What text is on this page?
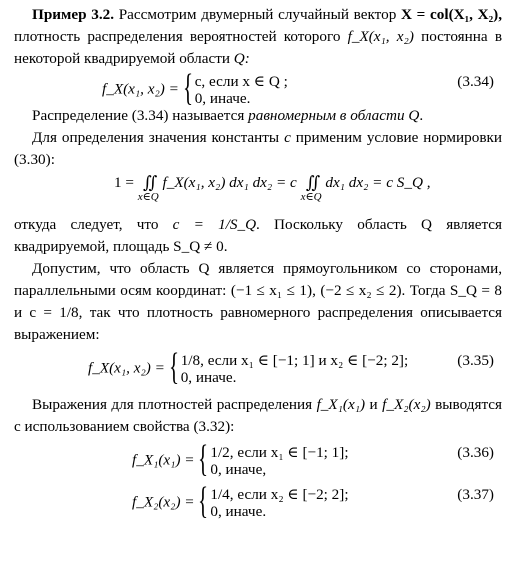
Пример 3.2. Рассмотрим двумерный случайный вектор X = col(X₁, X₂), плотность распределения вероятностей которого f_X(x₁, x₂) постоянна в некоторой квадрируемой области Q:

f_X(x₁, x₂) = { c, если x ∈ Q ;
0, иначе.
(3.34)

Распределение (3.34) называется равномерным в области Q.

Для определения значения константы c применим условие нормировки (3.30):

1 = ∬
x∈Q
f_X(x₁, x₂) dx₁ dx₂ = c ∬
x∈Q
dx₁ dx₂ = c S_Q ,

откуда следует, что c = 1/S_Q. Поскольку область Q является квадрируемой, площадь S_Q ≠ 0.

Допустим, что область Q является прямоугольником со сторонами, параллельными осям координат: (−1 ≤ x₁ ≤ 1), (−2 ≤ x₂ ≤ 2). Тогда S_Q = 8 и c = 1/8, так что плотность равномерного распределения описывается выражением:

f_X(x₁, x₂) = { 1/8, если x₁ ∈ [−1; 1] и x₂ ∈ [−2; 2];
0, иначе.
(3.35)

Выражения для плотностей распределения f_X₁(x₁) и f_X₂(x₂) выводятся с использованием свойства (3.32):

f_X₁(x₁) = { 1/2, если x₁ ∈ [−1; 1];
0, иначе,
(3.36)
f_X₂(x₂) = { 1/4, если x₂ ∈ [−2; 2];
0, иначе.
(3.37)
